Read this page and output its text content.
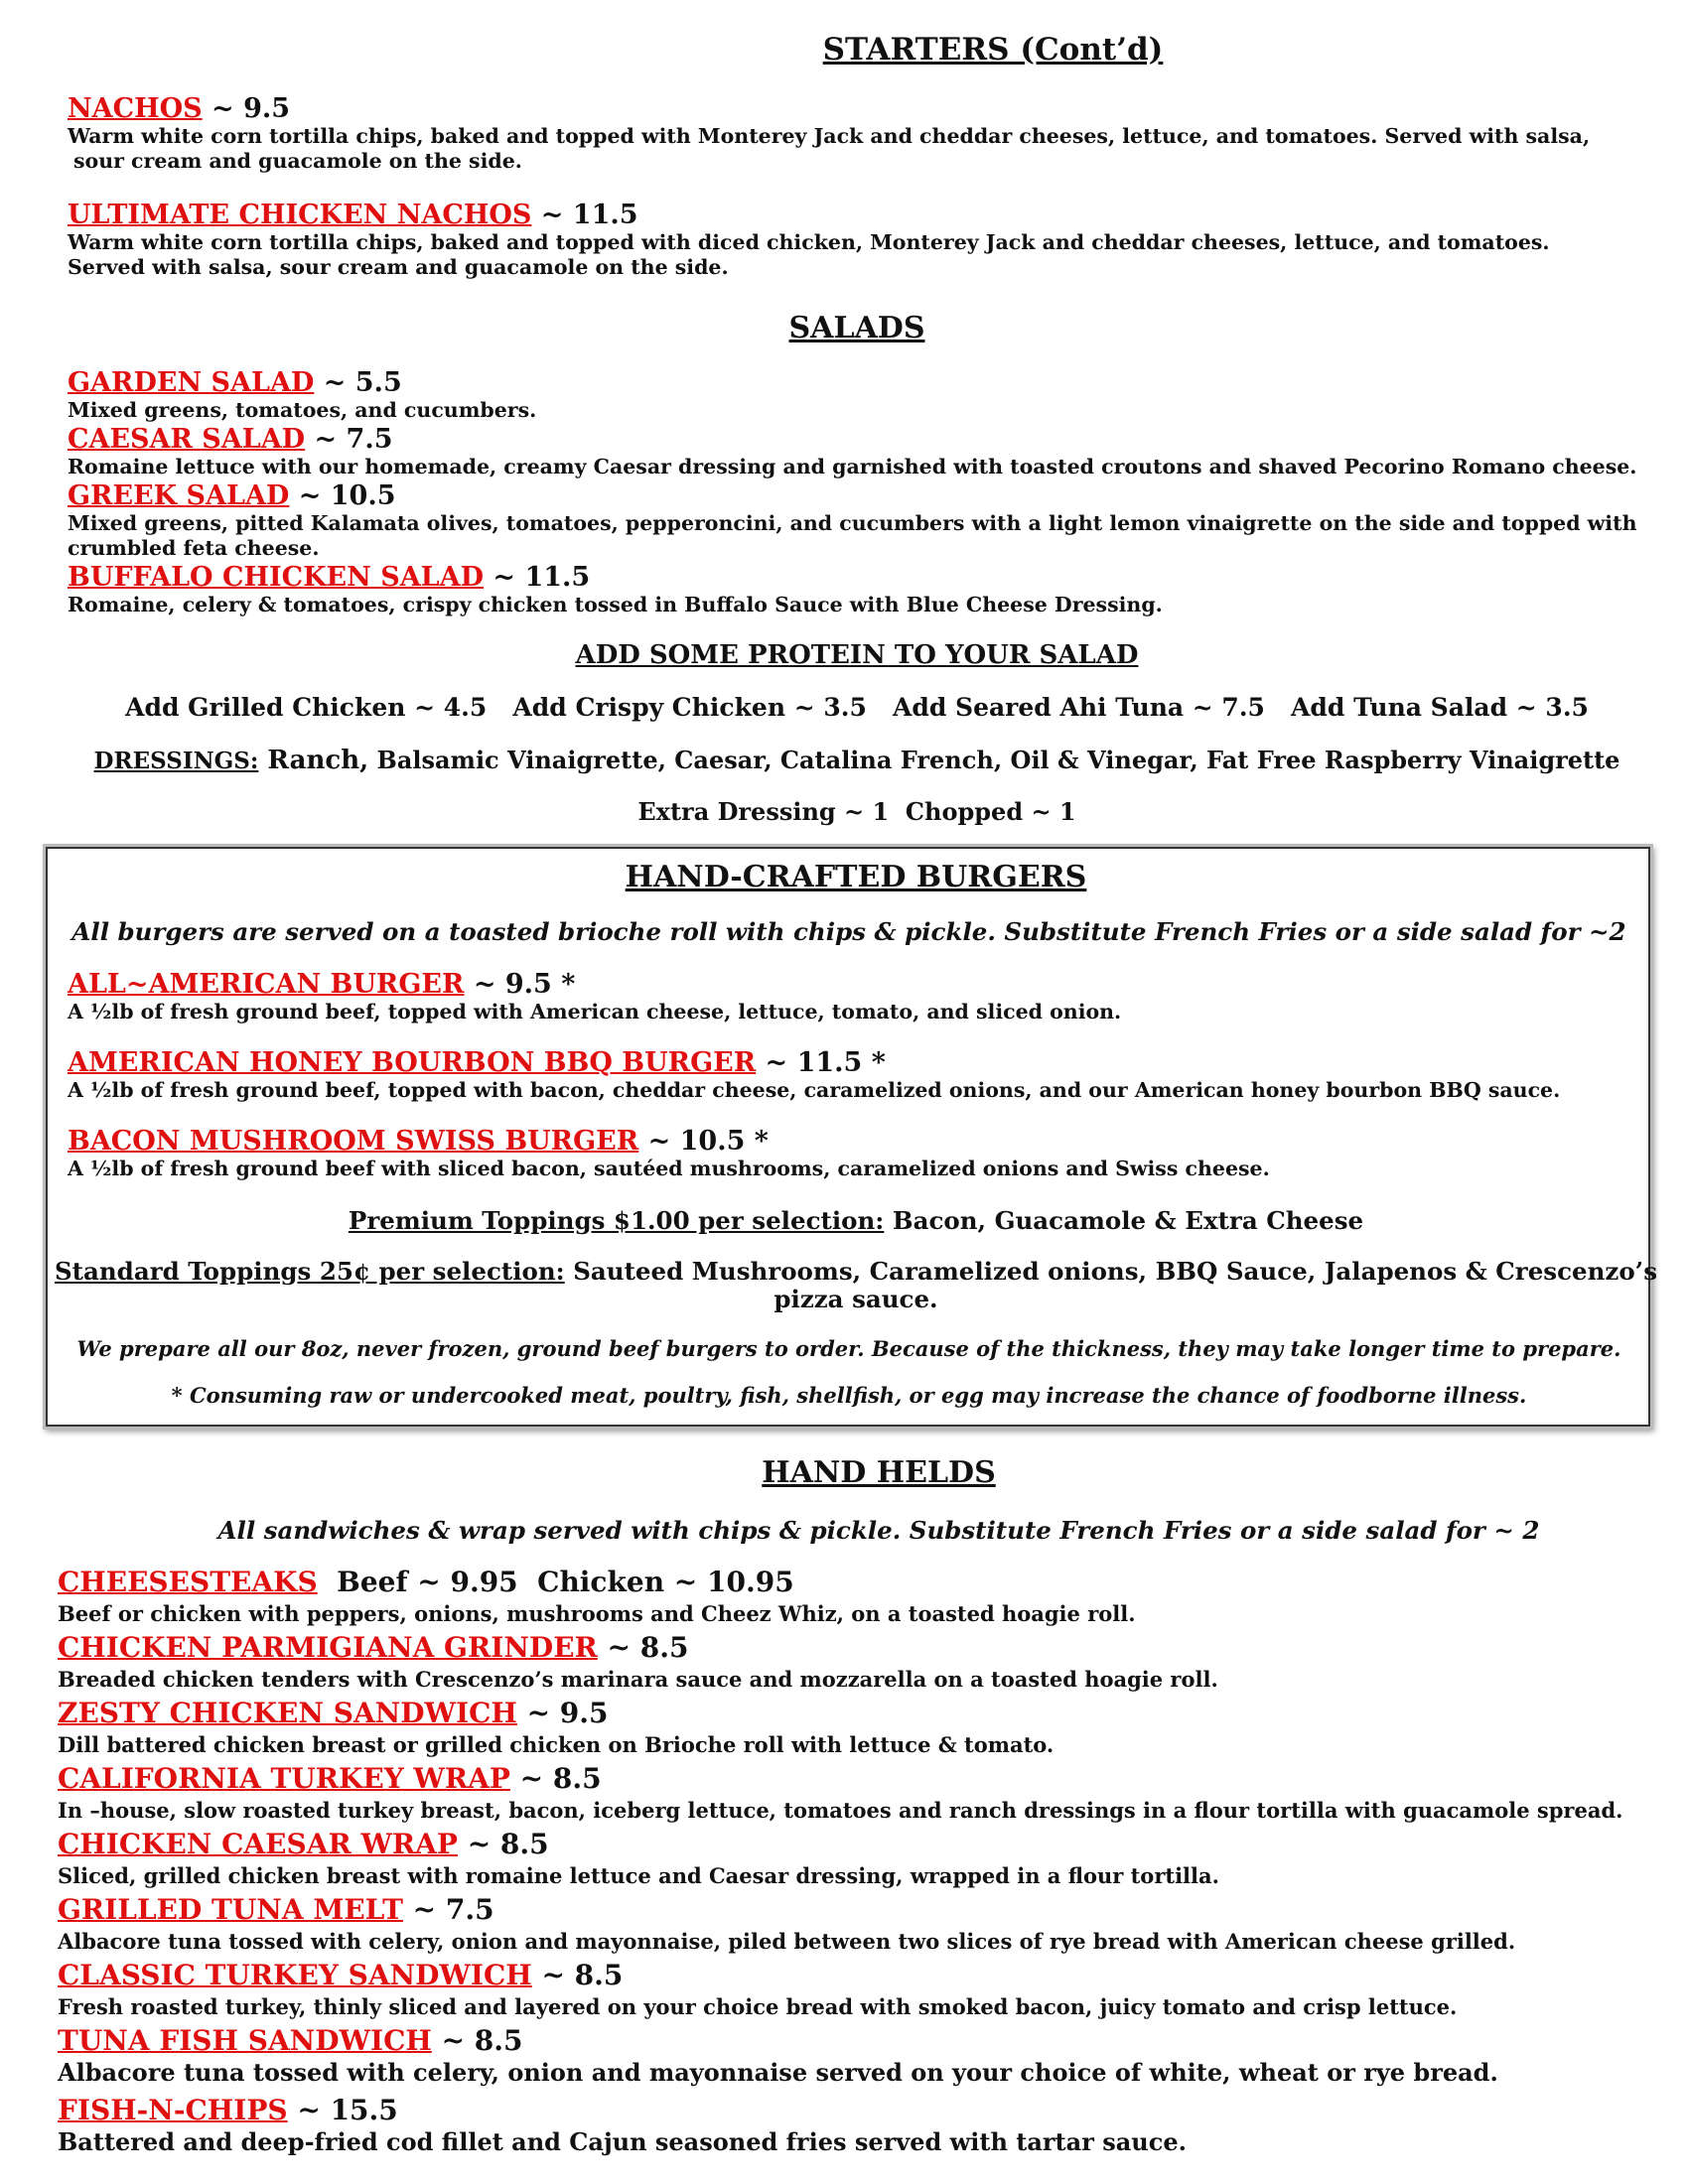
STARTERS (Cont’d)
NACHOS ~ 9.5

Warm white corn tortilla chips, baked and topped with Monterey Jack and cheddar cheeses, lettuce, and tomatoes. Served with salsa,

sour cream and guacamole on the side.

ULTIMATE CHICKEN NACHOS ~ 11.5

Warm white corn tortilla chips, baked and topped with diced chicken, Monterey Jack and cheddar cheeses, lettuce, and tomatoes.

Served with salsa, sour cream and guacamole on the side.

SALADS
GARDEN SALAD ~ 5.5

Mixed greens, tomatoes, and cucumbers.

CAESAR SALAD ~ 7.5

Romaine lettuce with our homemade, creamy Caesar dressing and garnished with toasted croutons and shaved Pecorino Romano cheese.

GREEK SALAD ~ 10.5

Mixed greens, pitted Kalamata olives, tomatoes, pepperoncini, and cucumbers with a light lemon vinaigrette on the side and topped with

crumbled feta cheese.

BUFFALO CHICKEN SALAD ~ 11.5

Romaine, celery & tomatoes, crispy chicken tossed in Buffalo Sauce with Blue Cheese Dressing.

ADD SOME PROTEIN TO YOUR SALAD

Add Grilled Chicken ~ 4.5   Add Crispy Chicken ~ 3.5   Add Seared Ahi Tuna ~ 7.5   Add Tuna Salad ~ 3.5

DRESSINGS: Ranch, Balsamic Vinaigrette, Caesar, Catalina French, Oil & Vinegar, Fat Free Raspberry Vinaigrette

Extra Dressing ~ 1  Chopped ~ 1

HAND-CRAFTED BURGERS

All burgers are served on a toasted brioche roll with chips & pickle. Substitute French Fries or a side salad for ~2

ALL~AMERICAN BURGER ~ 9.5 *

A ½lb of fresh ground beef, topped with American cheese, lettuce, tomato, and sliced onion.

AMERICAN HONEY BOURBON BBQ BURGER ~ 11.5 *

A ½lb of fresh ground beef, topped with bacon, cheddar cheese, caramelized onions, and our American honey bourbon BBQ sauce.

BACON MUSHROOM SWISS BURGER ~ 10.5 *

A ½lb of fresh ground beef with sliced bacon, sautéed mushrooms, caramelized onions and Swiss cheese.

Premium Toppings $1.00 per selection: Bacon, Guacamole & Extra Cheese

Standard Toppings 25¢ per selection: Sauteed Mushrooms, Caramelized onions, BBQ Sauce, Jalapenos & Crescenzo’s

pizza sauce.

We prepare all our 8oz, never frozen, ground beef burgers to order. Because of the thickness, they may take longer time to prepare.

* Consuming raw or undercooked meat, poultry, fish, shellfish, or egg may increase the chance of foodborne illness.

HAND HELDS

All sandwiches & wrap served with chips & pickle. Substitute French Fries or a side salad for ~ 2

CHEESESTEAKS  Beef ~ 9.95  Chicken ~ 10.95

Beef or chicken with peppers, onions, mushrooms and Cheez Whiz, on a toasted hoagie roll.

CHICKEN PARMIGIANA GRINDER ~ 8.5

Breaded chicken tenders with Crescenzo’s marinara sauce and mozzarella on a toasted hoagie roll.

ZESTY CHICKEN SANDWICH ~ 9.5

Dill battered chicken breast or grilled chicken on Brioche roll with lettuce & tomato.

CALIFORNIA TURKEY WRAP ~ 8.5

In –house, slow roasted turkey breast, bacon, iceberg lettuce, tomatoes and ranch dressings in a flour tortilla with guacamole spread.

CHICKEN CAESAR WRAP ~ 8.5

Sliced, grilled chicken breast with romaine lettuce and Caesar dressing, wrapped in a flour tortilla.

GRILLED TUNA MELT ~ 7.5

Albacore tuna tossed with celery, onion and mayonnaise, piled between two slices of rye bread with American cheese grilled.

CLASSIC TURKEY SANDWICH ~ 8.5

Fresh roasted turkey, thinly sliced and layered on your choice bread with smoked bacon, juicy tomato and crisp lettuce.

TUNA FISH SANDWICH ~ 8.5

Albacore tuna tossed with celery, onion and mayonnaise served on your choice of white, wheat or rye bread.

FISH-N-CHIPS ~ 15.5

Battered and deep-fried cod fillet and Cajun seasoned fries served with tartar sauce.
